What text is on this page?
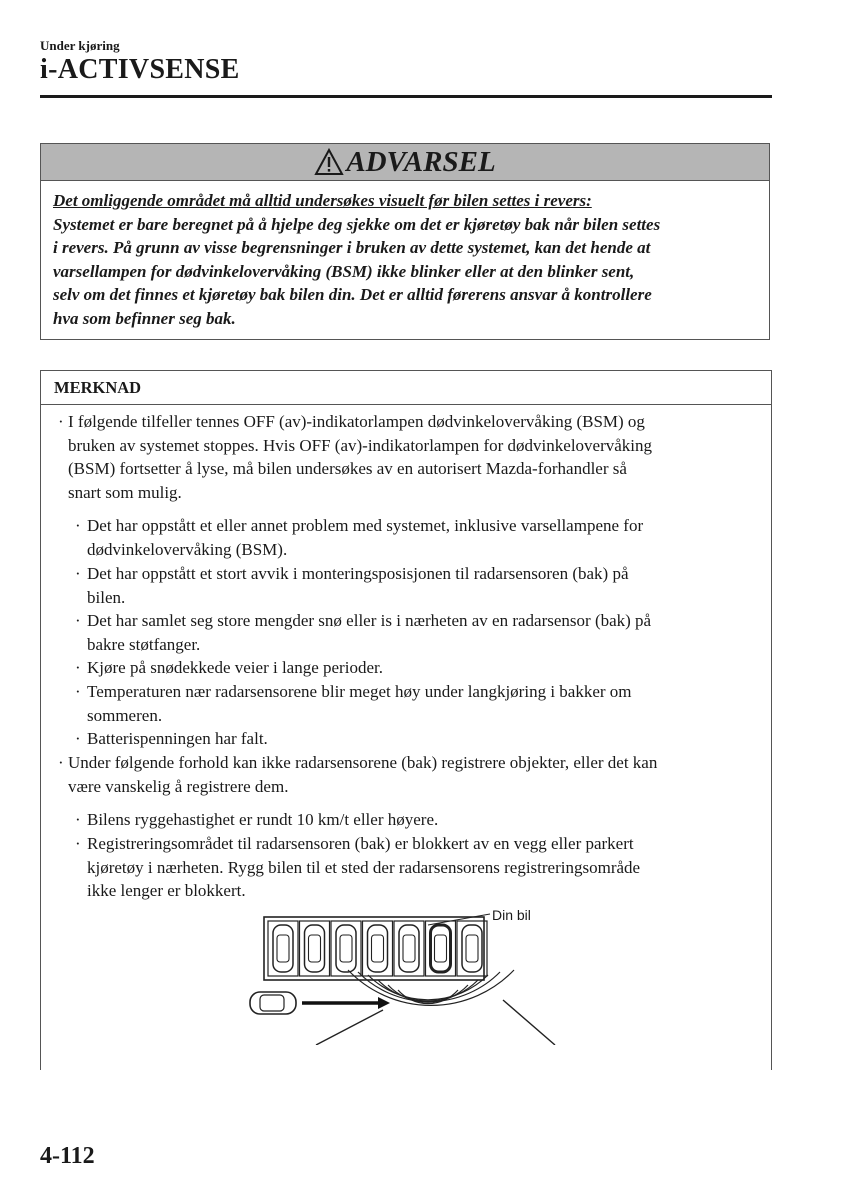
Under kjøring
i-ACTIVSENSE
ADVARSEL
Det omliggende området må alltid undersøkes visuelt før bilen settes i revers:
Systemet er bare beregnet på å hjelpe deg sjekke om det er kjøretøy bak når bilen settes
i revers. På grunn av visse begrensninger i bruken av dette systemet, kan det hende at
varsellampen for dødvinkelovervåking (BSM) ikke blinker eller at den blinker sent,
selv om det finnes et kjøretøy bak bilen din. Det er alltid førerens ansvar å kontrollere
hva som befinner seg bak.
MERKNAD
· I følgende tilfeller tennes OFF (av)-indikatorlampen dødvinkelovervåking (BSM) og
bruken av systemet stoppes. Hvis OFF (av)-indikatorlampen for dødvinkelovervåking
(BSM) fortsetter å lyse, må bilen undersøkes av en autorisert Mazda-forhandler så
snart som mulig.
· Det har oppstått et eller annet problem med systemet, inklusive varsellampene for
dødvinkelovervåking (BSM).
· Det har oppstått et stort avvik i monteringsposisjonen til radarsensoren (bak) på
bilen.
· Det har samlet seg store mengder snø eller is i nærheten av en radarsensor (bak) på
bakre støtfanger.
· Kjøre på snødekkede veier i lange perioder.
· Temperaturen nær radarsensorene blir meget høy under langkjøring i bakker om
sommeren.
· Batterispenningen har falt.
· Under følgende forhold kan ikke radarsensorene (bak) registrere objekter, eller det kan
være vanskelig å registrere dem.
· Bilens ryggehastighet er rundt 10 km/t eller høyere.
· Registreringsområdet til radarsensoren (bak) er blokkert av en vegg eller parkert
kjøretøy i nærheten. Rygg bilen til et sted der radarsensorens registreringsområde
ikke lenger er blokkert.
Din bil
4-112
